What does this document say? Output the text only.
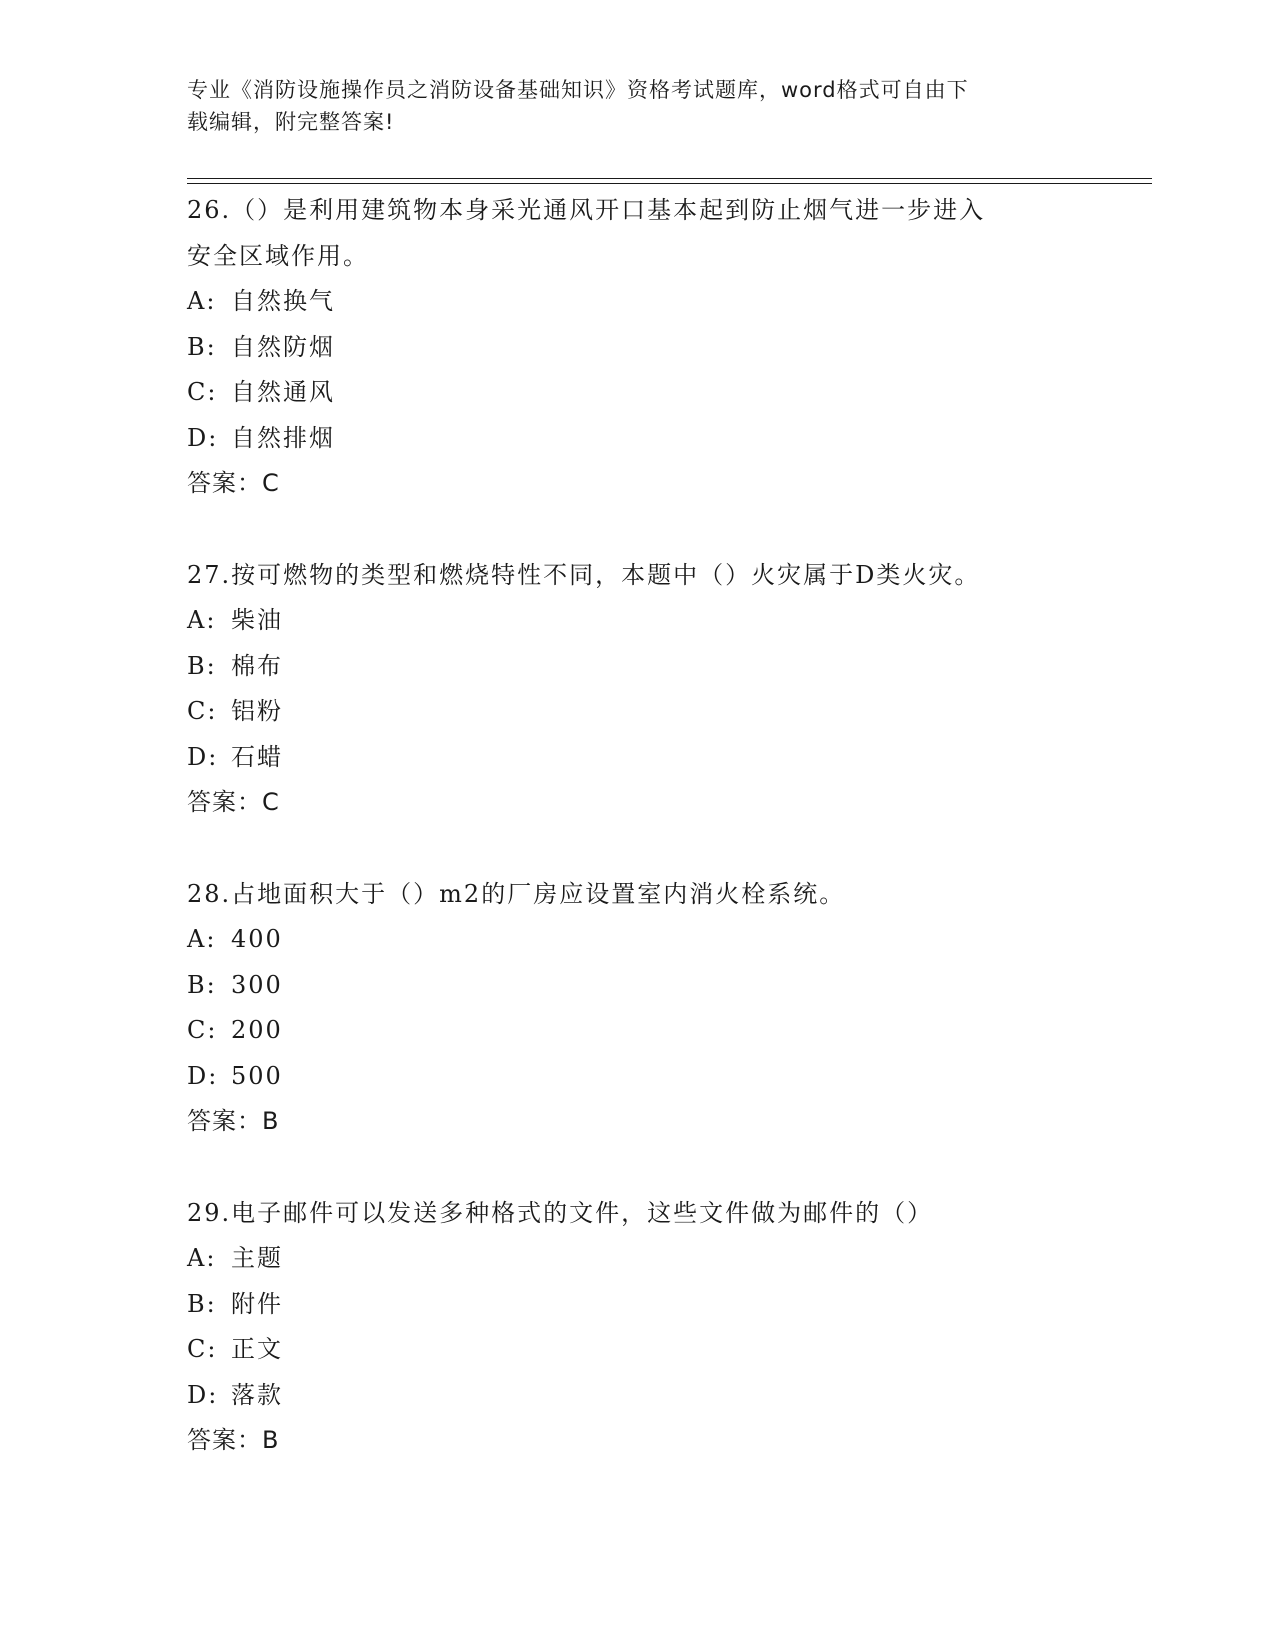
专业《消防设施操作员之消防设备基础知识》资格考试题库，word格式可自由下
载编辑，附完整答案!

26.（）是利用建筑物本身采光通风开口基本起到防止烟气进一步进入

安全区域作用。

A: 自然换气

B: 自然防烟

C: 自然通风

D: 自然排烟

答案：C

27.按可燃物的类型和燃烧特性不同，本题中（）火灾属于D类火灾。

A: 柴油

B: 棉布

C: 铝粉

D: 石蜡

答案：C

28.占地面积大于（）m2的厂房应设置室内消火栓系统。

A: 400

B: 300

C: 200

D: 500

答案：B

29.电子邮件可以发送多种格式的文件，这些文件做为邮件的（）

A: 主题

B: 附件

C: 正文

D: 落款

答案：B
